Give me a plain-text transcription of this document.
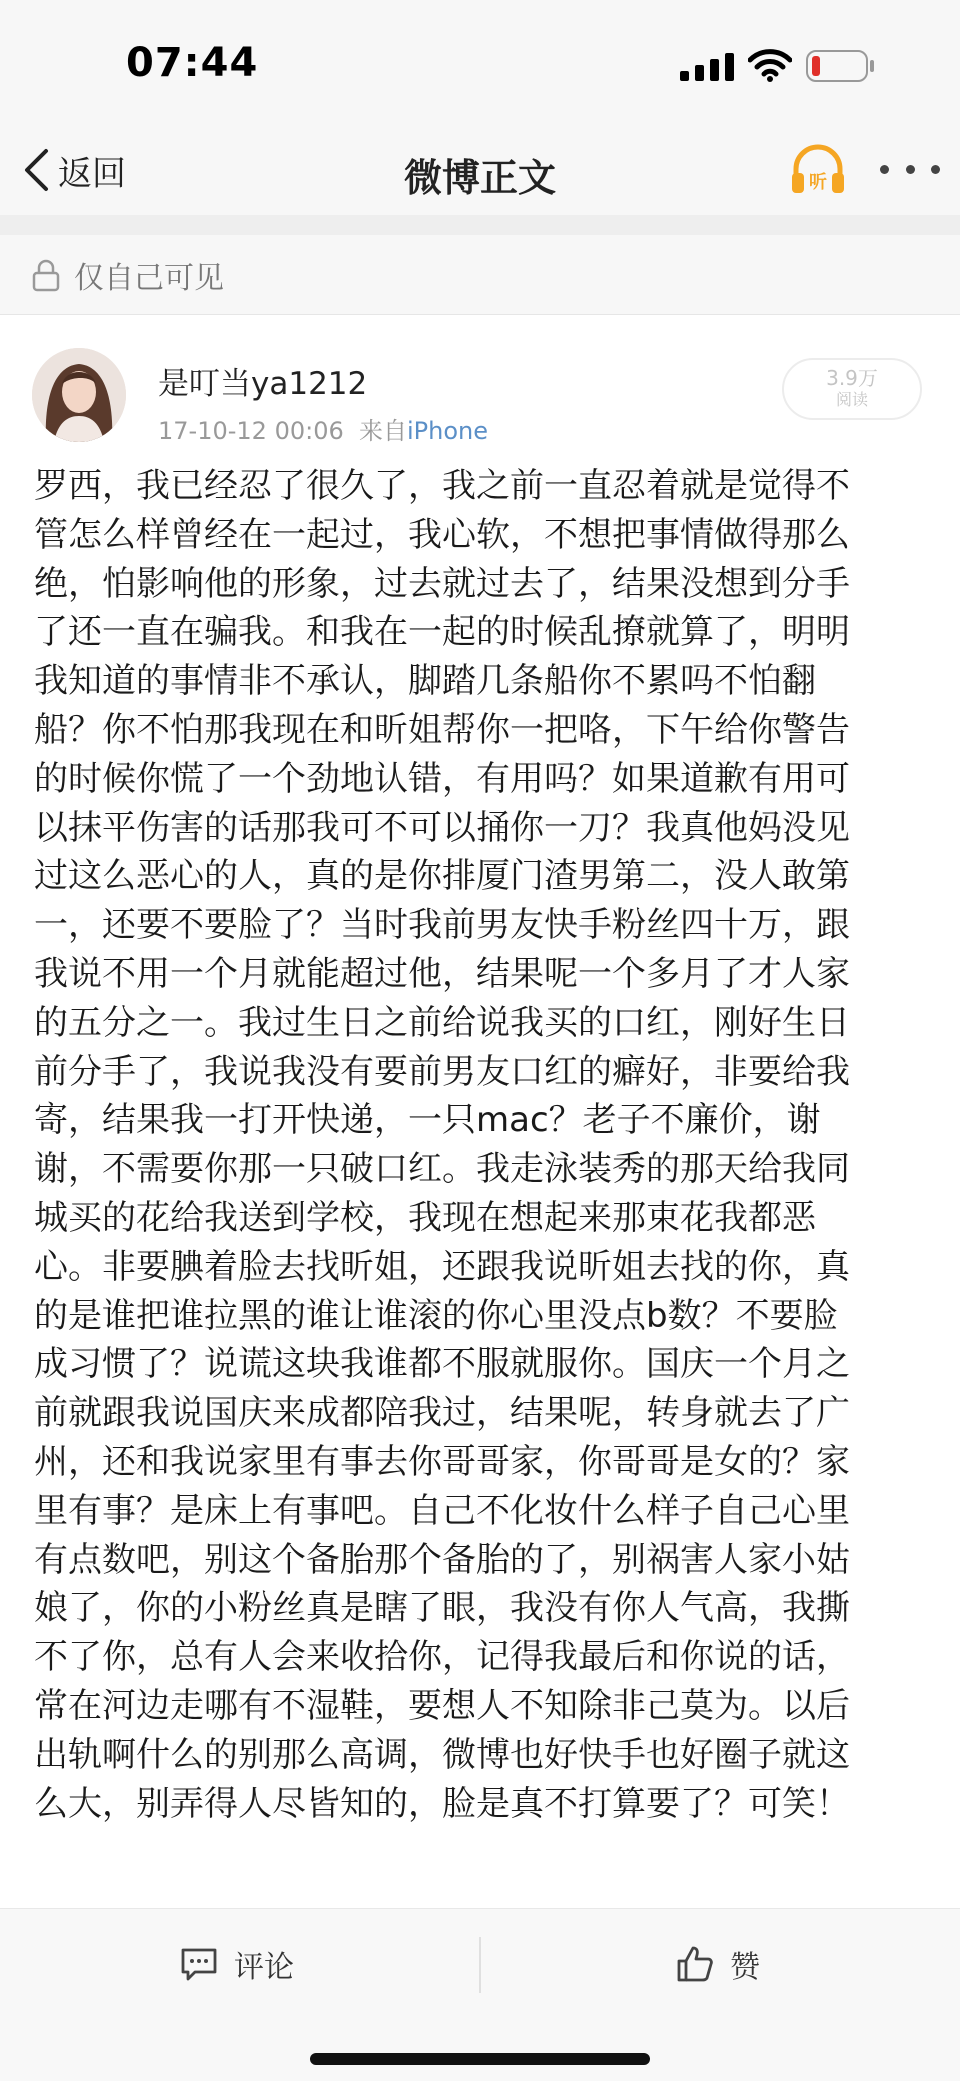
07:44
返回	微博正文	听
仅自己可见
是叮当ya1212
17-10-12 00:06 来自iPhone
3.9万
阅读
罗西，我已经忍了很久了，我之前一直忍着就是觉得不
管怎么样曾经在一起过，我心软，不想把事情做得那么
绝，怕影响他的形象，过去就过去了，结果没想到分手
了还一直在骗我。和我在一起的时候乱撩就算了，明明
我知道的事情非不承认，脚踏几条船你不累吗不怕翻
船？你不怕那我现在和昕姐帮你一把咯，下午给你警告
的时候你慌了一个劲地认错，有用吗？如果道歉有用可
以抹平伤害的话那我可不可以捅你一刀？我真他妈没见
过这么恶心的人，真的是你排厦门渣男第二，没人敢第
一，还要不要脸了？当时我前男友快手粉丝四十万，跟
我说不用一个月就能超过他，结果呢一个多月了才人家
的五分之一。我过生日之前给说我买的口红，刚好生日
前分手了，我说我没有要前男友口红的癖好，非要给我
寄，结果我一打开快递，一只mac？老子不廉价，谢
谢，不需要你那一只破口红。我走泳装秀的那天给我同
城买的花给我送到学校，我现在想起来那束花我都恶
心。非要腆着脸去找昕姐，还跟我说昕姐去找的你，真
的是谁把谁拉黑的谁让谁滚的你心里没点b数？不要脸
成习惯了？说谎这块我谁都不服就服你。国庆一个月之
前就跟我说国庆来成都陪我过，结果呢，转身就去了广
州，还和我说家里有事去你哥哥家，你哥哥是女的？家
里有事？是床上有事吧。自己不化妆什么样子自己心里
有点数吧，别这个备胎那个备胎的了，别祸害人家小姑
娘了，你的小粉丝真是瞎了眼，我没有你人气高，我撕
不了你，总有人会来收拾你，记得我最后和你说的话，
常在河边走哪有不湿鞋，要想人不知除非己莫为。以后
出轨啊什么的别那么高调，微博也好快手也好圈子就这
么大，别弄得人尽皆知的，脸是真不打算要了？可笑！
评论	赞
